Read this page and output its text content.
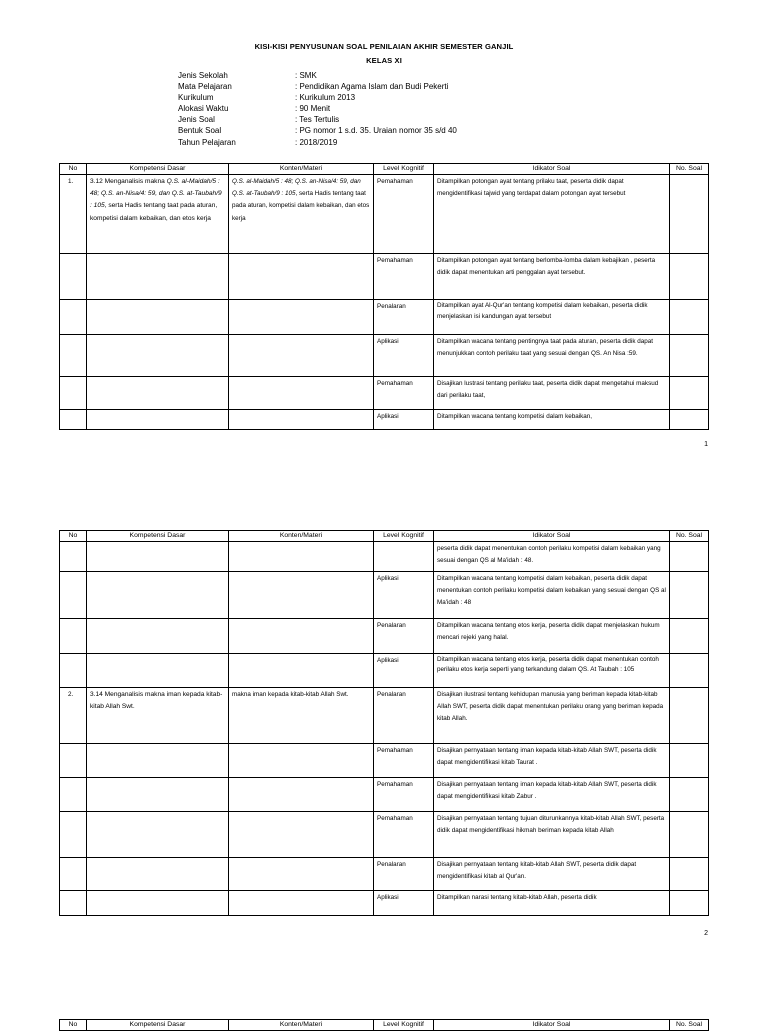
KISI-KISI PENYUSUNAN SOAL PENILAIAN AKHIR SEMESTER GANJIL
KELAS XI
Jenis Sekolah	: SMK
Mata Pelajaran	: Pendidikan Agama Islam dan Budi Pekerti
Kurikulum	: Kurikulum 2013
Alokasi Waktu	: 90 Menit
Jenis Soal	: Tes Tertulis
Bentuk Soal	: PG nomor 1 s.d. 35. Uraian nomor 35 s/d 40
Tahun Pelajaran	: 2018/2019
No	Kompetensi Dasar	Konten/Materi	Level Kognitif	Idikator Soal	No. Soal
1.	3.12 Menganalisis makna Q.S. al-Maidah/5 : 48; Q.S. an-Nisa/4: 59, dan Q.S. at-Taubah/9 : 105, serta Hadis tentang taat pada aturan, kompetisi dalam kebaikan, dan etos kerja	Q.S. al-Maidah/5 : 48; Q.S. an-Nisa/4: 59, dan Q.S. at-Taubah/9 : 105, serta Hadis tentang taat pada aturan, kompetisi dalam kebaikan, dan etos kerja	Pemahaman	Ditampilkan potongan ayat tentang prilaku taat, peserta didik dapat mengidentifikasi tajwid yang terdapat dalam potongan ayat tersebut	
			Pemahaman	Ditampilkan potongan ayat tentang berlomba-lomba dalam kebajikan , peserta didik dapat menentukan arti penggalan ayat tersebut.	
			Penalaran	Ditampilkan ayat Al-Qur'an tentang kompetisi dalam kebaikan, peserta didik menjelaskan isi kandungan ayat tersebut	
			Aplikasi	Ditampilkan wacana tentang pentingnya taat pada aturan, peserta didik dapat menunjukkan contoh perilaku taat yang sesuai dengan QS. An Nisa :59.	
			Pemahaman	Disajikan lustrasi tentang perilaku taat, peserta didik dapat mengetahui maksud dari perilaku taat,	
			Aplikasi	Ditampilkan wacana tentang kompetisi dalam kebaikan,	
1
No	Kompetensi Dasar	Konten/Materi	Level Kognitif	Idikator Soal	No. Soal
				peserta didik dapat menentukan contoh perilaku kompetisi dalam kebaikan yang sesuai dengan QS al Ma'idah : 48.	
			Aplikasi	Ditampilkan wacana tentang kompetisi dalam kebaikan, peserta didik dapat menentukan contoh perilaku kompetisi dalam kebaikan yang sesuai dengan QS al Ma'idah : 48	
			Penalaran	Ditampilkan wacana tentang etos kerja, peserta didik dapat menjelaskan hukum mencari rejeki yang halal.	
			Aplikasi	Ditampilkan wacana tentang etos kerja, peserta didik dapat menentukan contoh perilaku etos kerja seperti yang terkandung dalam QS. At Taubah : 105	
2.	3.14 Menganalisis makna iman kepada kitab-kitab Allah Swt.	makna iman kepada kitab-kitab Allah Swt.	Penalaran	Disajikan ilustrasi tentang kehidupan manusia yang beriman kepada kitab-kitab Allah SWT, peserta didik dapat menentukan perilaku orang yang beriman kepada kitab Allah.	
			Pemahaman	Disajikan pernyataan tentang iman kepada kitab-kitab Allah SWT, peserta didik dapat mengidentifikasi kitab Taurat .	
			Pemahaman	Disajikan pernyataan tentang iman kepada kitab-kitab Allah SWT, peserta didik dapat mengidentifikasi kitab Zabur .	
			Pemahaman	Disajikan pernyataan tentang tujuan diturunkannya kitab-kitab Allah SWT, peserta didik dapat mengidentifikasi hikmah beriman kepada kitab Allah	
			Penalaran	Disajikan pernyataan tentang kitab-kitab Allah SWT, peserta didik dapat mengidentifikasi kitab al Qur'an.	
			Aplikasi	Ditampilkan narasi tentang kitab-kitab Allah, peserta didik	
2
No	Kompetensi Dasar	Konten/Materi	Level Kognitif	Idikator Soal	No. Soal
